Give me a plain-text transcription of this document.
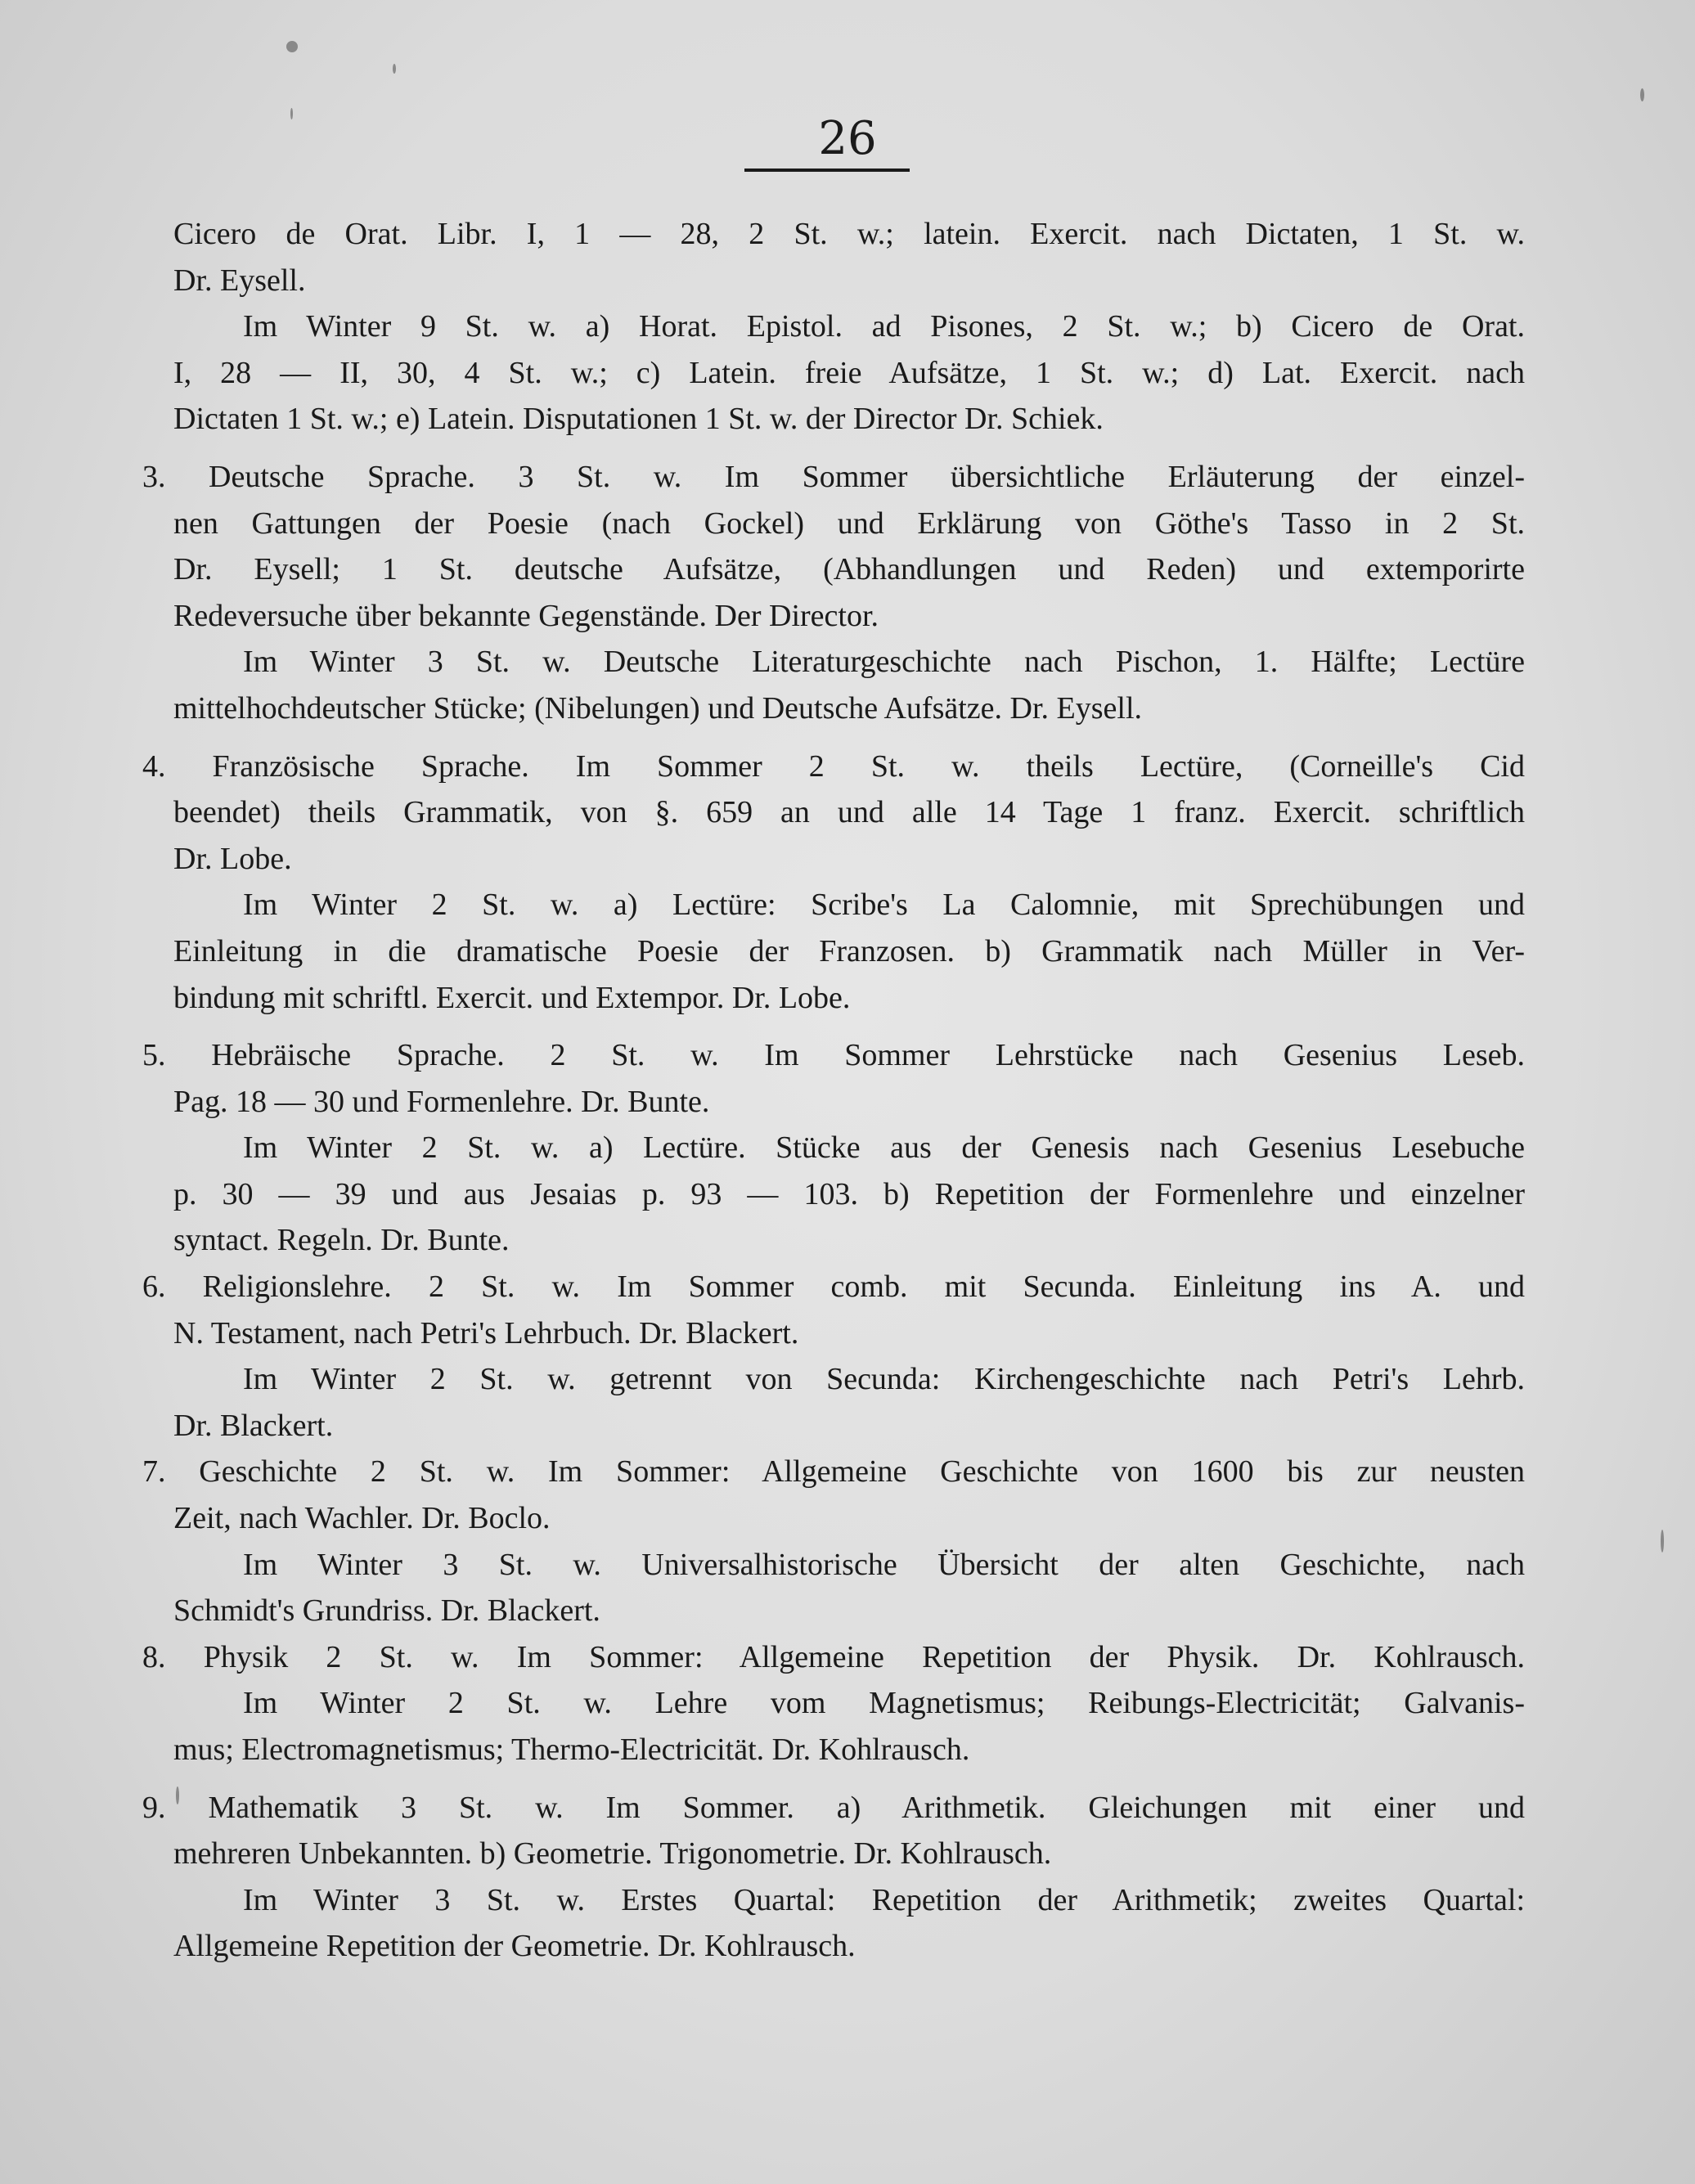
26
Cicero de Orat. Libr. I, 1 — 28, 2 St. w.; latein. Exercit. nach Dictaten, 1 St. w.
Dr. Eysell.
Im Winter 9 St. w. a) Horat. Epistol. ad Pisones, 2 St. w.; b) Cicero de Orat.
I, 28 — II, 30, 4 St. w.; c) Latein. freie Aufsätze, 1 St. w.; d) Lat. Exercit. nach
Dictaten 1 St. w.; e) Latein. Disputationen 1 St. w. der Director Dr. Schiek.
3. Deutsche Sprache. 3 St. w. Im Sommer übersichtliche Erläuterung der einzel-
nen Gattungen der Poesie (nach Gockel) und Erklärung von Göthe's Tasso in 2 St.
Dr. Eysell; 1 St. deutsche Aufsätze, (Abhandlungen und Reden) und extemporirte
Redeversuche über bekannte Gegenstände. Der Director.
Im Winter 3 St. w. Deutsche Literaturgeschichte nach Pischon, 1. Hälfte; Lectüre
mittelhochdeutscher Stücke; (Nibelungen) und Deutsche Aufsätze. Dr. Eysell.
4. Französische Sprache. Im Sommer 2 St. w. theils Lectüre, (Corneille's Cid
beendet) theils Grammatik, von §. 659 an und alle 14 Tage 1 franz. Exercit. schriftlich
Dr. Lobe.
Im Winter 2 St. w. a) Lectüre: Scribe's La Calomnie, mit Sprechübungen und
Einleitung in die dramatische Poesie der Franzosen. b) Grammatik nach Müller in Ver-
bindung mit schriftl. Exercit. und Extempor. Dr. Lobe.
5. Hebräische Sprache. 2 St. w. Im Sommer Lehrstücke nach Gesenius Leseb.
Pag. 18 — 30 und Formenlehre. Dr. Bunte.
Im Winter 2 St. w. a) Lectüre. Stücke aus der Genesis nach Gesenius Lesebuche
p. 30 — 39 und aus Jesaias p. 93 — 103. b) Repetition der Formenlehre und einzelner
syntact. Regeln. Dr. Bunte.
6. Religionslehre. 2 St. w. Im Sommer comb. mit Secunda. Einleitung ins A. und
N. Testament, nach Petri's Lehrbuch. Dr. Blackert.
Im Winter 2 St. w. getrennt von Secunda: Kirchengeschichte nach Petri's Lehrb.
Dr. Blackert.
7. Geschichte 2 St. w. Im Sommer: Allgemeine Geschichte von 1600 bis zur neusten
Zeit, nach Wachler. Dr. Boclo.
Im Winter 3 St. w. Universalhistorische Übersicht der alten Geschichte, nach
Schmidt's Grundriss. Dr. Blackert.
8. Physik 2 St. w. Im Sommer: Allgemeine Repetition der Physik. Dr. Kohlrausch.
Im Winter 2 St. w. Lehre vom Magnetismus; Reibungs-Electricität; Galvanis-
mus; Electromagnetismus; Thermo-Electricität. Dr. Kohlrausch.
9. Mathematik 3 St. w. Im Sommer. a) Arithmetik. Gleichungen mit einer und
mehreren Unbekannten. b) Geometrie. Trigonometrie. Dr. Kohlrausch.
Im Winter 3 St. w. Erstes Quartal: Repetition der Arithmetik; zweites Quartal:
Allgemeine Repetition der Geometrie. Dr. Kohlrausch.
